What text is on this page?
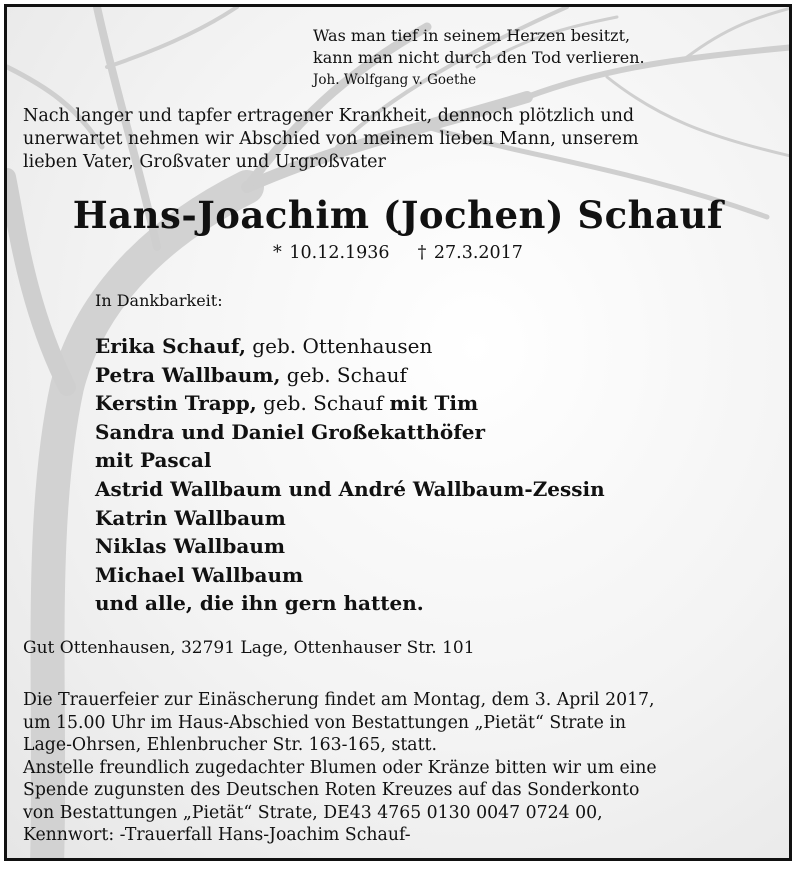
Was man tief in seinem Herzen besitzt,
kann man nicht durch den Tod verlieren.
Joh. Wolfgang v. Goethe
Nach langer und tapfer ertragener Krankheit, dennoch plötzlich und
unerwartet nehmen wir Abschied von meinem lieben Mann, unserem
lieben Vater, Großvater und Urgroßvater
Hans-Joachim (Jochen) Schauf
* 10.12.1936 † 27.3.2017
In Dankbarkeit:
Erika Schauf, geb. Ottenhausen
Petra Wallbaum, geb. Schauf
Kerstin Trapp, geb. Schauf mit Tim
Sandra und Daniel Großekatthöfer
mit Pascal
Astrid Wallbaum und André Wallbaum-Zessin
Katrin Wallbaum
Niklas Wallbaum
Michael Wallbaum
und alle, die ihn gern hatten.
Gut Ottenhausen, 32791 Lage, Ottenhauser Str. 101
Die Trauerfeier zur Einäscherung findet am Montag, dem 3. April 2017,
um 15.00 Uhr im Haus-Abschied von Bestattungen „Pietät“ Strate in
Lage-Ohrsen, Ehlenbrucher Str. 163-165, statt.
Anstelle freundlich zugedachter Blumen oder Kränze bitten wir um eine
Spende zugunsten des Deutschen Roten Kreuzes auf das Sonderkonto
von Bestattungen „Pietät“ Strate, DE43 4765 0130 0047 0724 00,
Kennwort: -Trauerfall Hans-Joachim Schauf-
